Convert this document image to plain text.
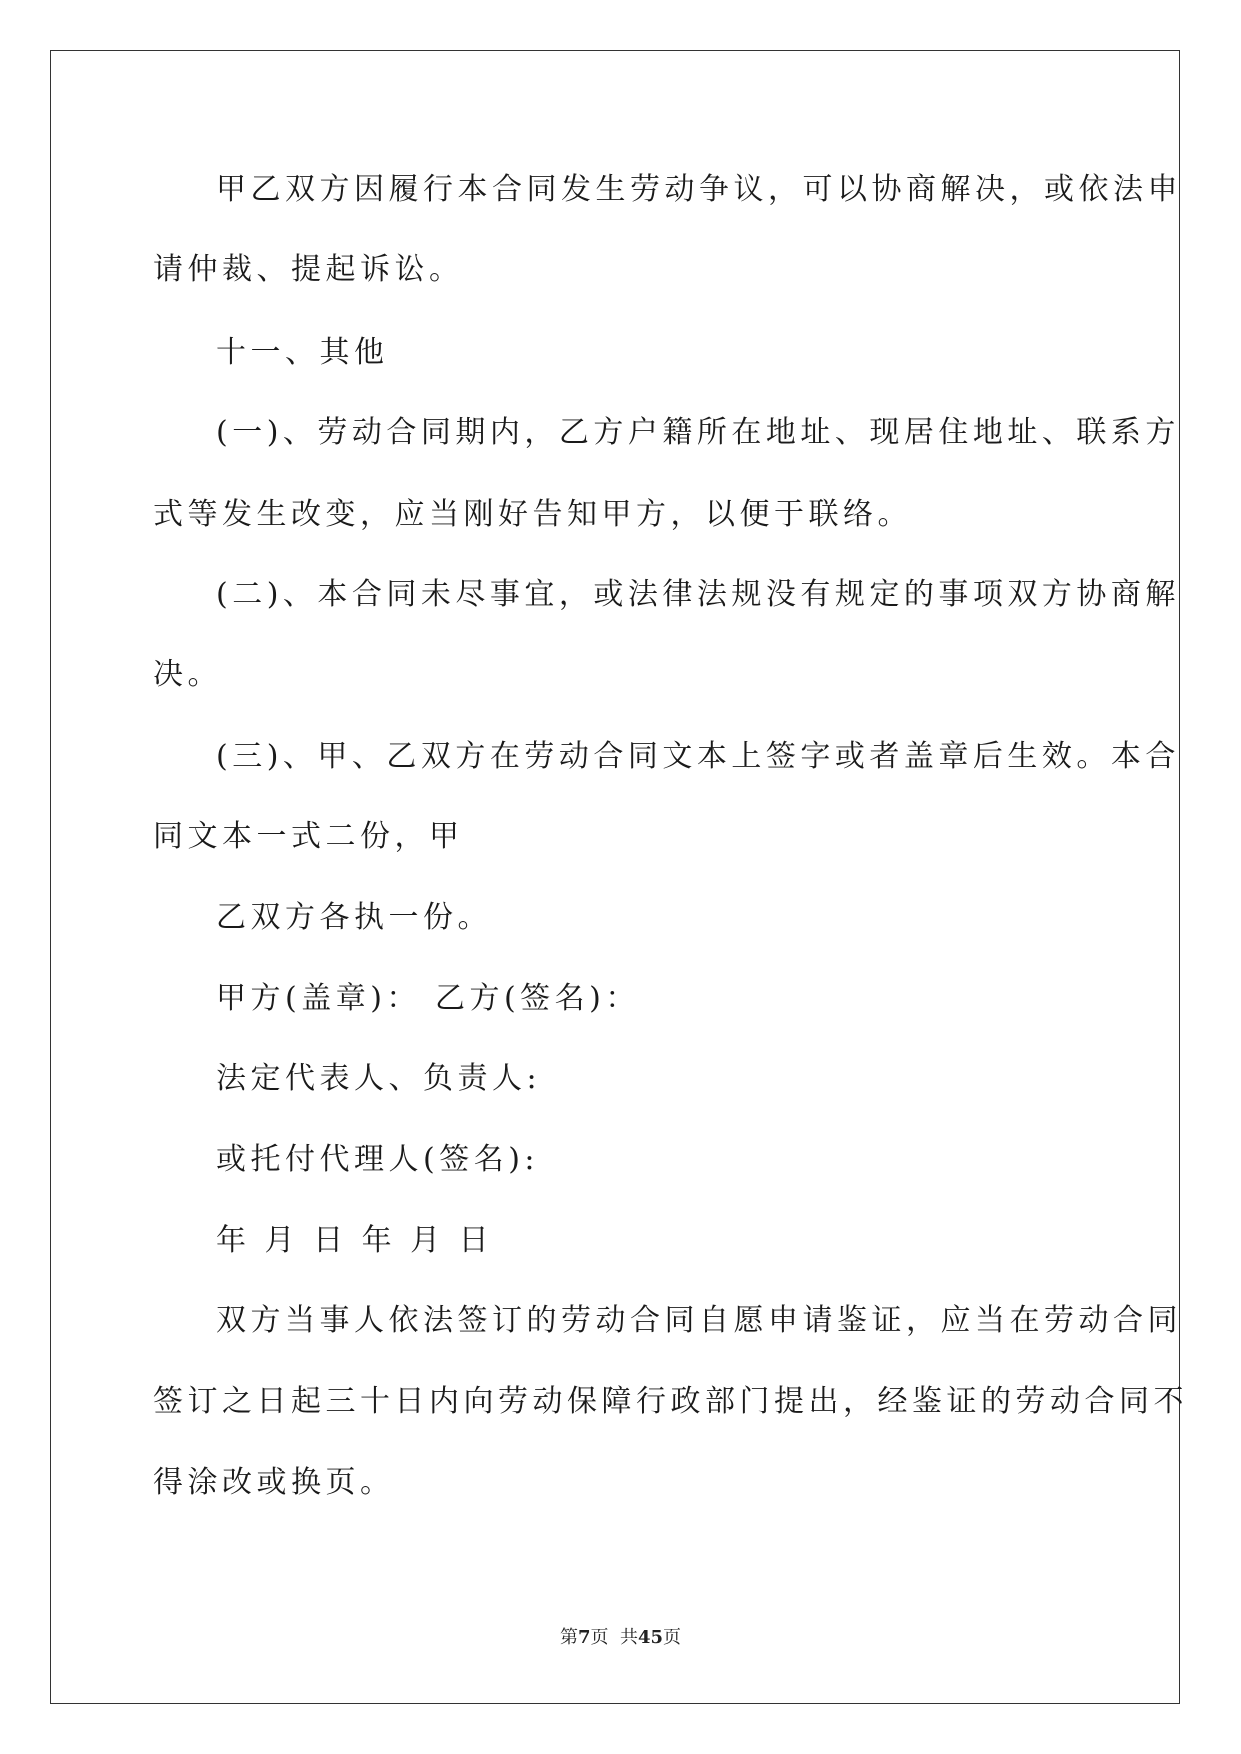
甲乙双方因履行本合同发生劳动争议，可以协商解决，或依法申
请仲裁、提起诉讼。
十一、其他
(一)、劳动合同期内，乙方户籍所在地址、现居住地址、联系方
式等发生改变，应当刚好告知甲方，以便于联络。
(二)、本合同未尽事宜，或法律法规没有规定的事项双方协商解
决。
(三)、甲、乙双方在劳动合同文本上签字或者盖章后生效。本合
同文本一式二份，甲
乙双方各执一份。
甲方(盖章)： 乙方(签名)：
法定代表人、负责人:
或托付代理人(签名):
年 月 日 年 月 日
双方当事人依法签订的劳动合同自愿申请鉴证，应当在劳动合同
签订之日起三十日内向劳动保障行政部门提出，经鉴证的劳动合同不
得涂改或换页。
第7页  共45页
